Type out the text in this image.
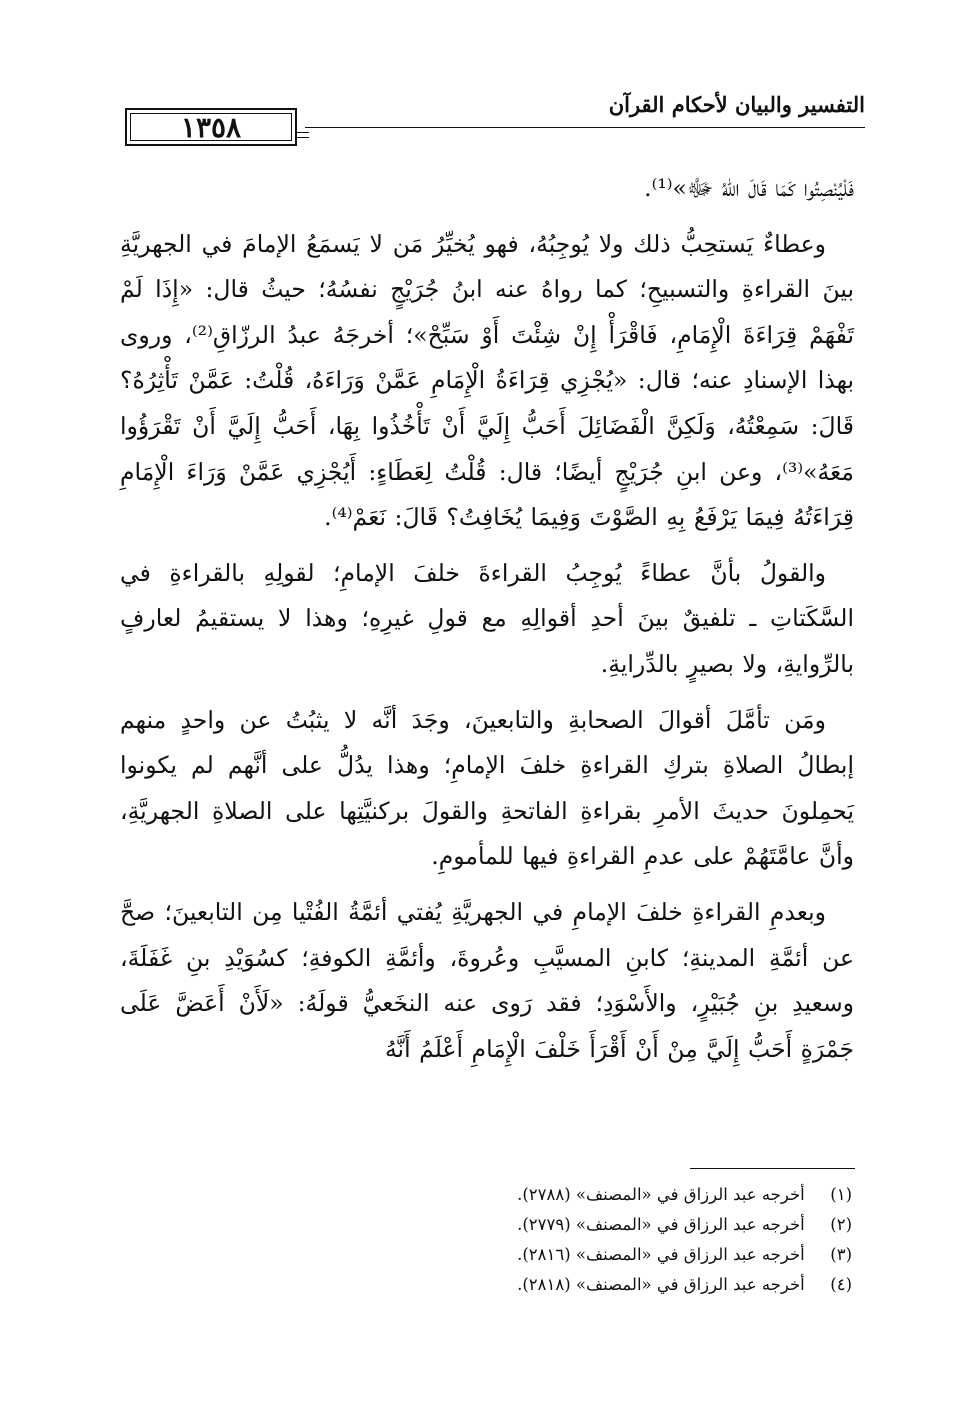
التفسير والبيان لأحكام القرآن
١٣٥٨

فَلْيُنْصِتُوا كَمَا قَالَ اللهُ ﷻ»⁽¹⁾.

وعطاءٌ يَستحِبُّ ذلك ولا يُوجِبُهُ، فهو يُخيِّرُ مَن لا يَسمَعُ الإمامَ في الجهريَّةِ بينَ القراءةِ والتسبيحِ؛ كما رواهُ عنه ابنُ جُرَيْجٍ نفسُهُ؛ حيثُ قال: «إِذَا لَمْ تَفْهَمْ قِرَاءَةَ الْإِمَامِ، فَاقْرَأْ إِنْ شِئْتَ أَوْ سَبِّحْ»؛ أخرجَهُ عبدُ الرزّاقِ⁽²⁾، وروى بهذا الإسنادِ عنه؛ قال: «يُجْزِي قِرَاءَةُ الْإِمَامِ عَمَّنْ وَرَاءَهُ، قُلْتُ: عَمَّنْ تَأْثِرُهُ؟ قَالَ: سَمِعْتُهُ، وَلَكِنَّ الْفَضَائِلَ أَحَبُّ إِلَيَّ أَنْ تَأْخُذُوا بِهَا، أَحَبُّ إِلَيَّ أَنْ تَقْرَؤُوا مَعَهُ»⁽³⁾، وعن ابنِ جُرَيْجٍ أيضًا؛ قال: قُلْتُ لِعَطَاءٍ: أَيُجْزِي عَمَّنْ وَرَاءَ الْإِمَامِ قِرَاءَتُهُ فِيمَا يَرْفَعُ بِهِ الصَّوْتَ وَفِيمَا يُخَافِتُ؟ قَالَ: نَعَمْ⁽⁴⁾.

والقولُ بأنَّ عطاءً يُوجِبُ القراءةَ خلفَ الإمامِ؛ لقولِهِ بالقراءةِ في السَّكَتاتِ ـ تلفيقٌ بينَ أحدِ أقوالِهِ مع قولِ غيرِهِ؛ وهذا لا يستقيمُ لعارفٍ بالرِّوايةِ، ولا بصيرٍ بالدِّرايةِ.

ومَن تأمَّلَ أقوالَ الصحابةِ والتابعينَ، وجَدَ أنَّه لا يثبُتُ عن واحدٍ منهم إبطالُ الصلاةِ بتركِ القراءةِ خلفَ الإمامِ؛ وهذا يدُلُّ على أنَّهم لم يكونوا يَحمِلونَ حديثَ الأمرِ بقراءةِ الفاتحةِ والقولَ بركنيَّتِها على الصلاةِ الجهريَّةِ، وأنَّ عامَّتَهُمْ على عدمِ القراءةِ فيها للمأمومِ.

وبعدمِ القراءةِ خلفَ الإمامِ في الجهريَّةِ يُفتي أئمَّةُ الفُتْيا مِن التابعينَ؛ صحَّ عن أئمَّةِ المدينةِ؛ كابنِ المسيَّبِ وعُروةَ، وأئمَّةِ الكوفةِ؛ كسُوَيْدِ بنِ غَفَلَةَ، وسعيدِ بنِ جُبَيْرٍ، والأَسْوَدِ؛ فقد رَوى عنه النخَعيُّ قولَهُ: «لَأَنْ أَعَضَّ عَلَى جَمْرَةٍ أَحَبُّ إِلَيَّ مِنْ أَنْ أَقْرَأَ خَلْفَ الْإِمَامِ أَعْلَمُ أَنَّهُ

(١) أخرجه عبد الرزاق في «المصنف» (٢٧٨٨).
(٢) أخرجه عبد الرزاق في «المصنف» (٢٧٧٩).
(٣) أخرجه عبد الرزاق في «المصنف» (٢٨١٦).
(٤) أخرجه عبد الرزاق في «المصنف» (٢٨١٨).
